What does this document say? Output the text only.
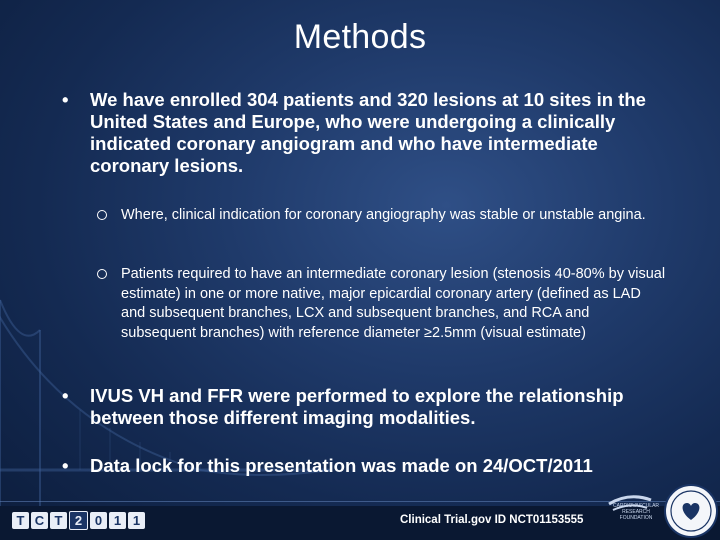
Methods
• We have enrolled 304 patients and 320 lesions at 10 sites in the United States and Europe, who were undergoing a clinically indicated coronary angiogram and who have intermediate coronary lesions.
Where, clinical indication for coronary angiography was stable or unstable angina.
Patients required to have an intermediate coronary lesion (stenosis 40-80% by visual estimate) in one or more native, major epicardial coronary artery (defined as LAD and subsequent branches, LCX and subsequent branches, and RCA and subsequent branches) with reference diameter ≥2.5mm (visual estimate)
• IVUS VH and FFR were performed to explore the relationship between those different imaging modalities.
• Data lock for this presentation was made on 24/OCT/2011
T C T 2 0 1 1	Clinical Trial.gov ID NCT01153555
CARDIOVASCULAR RESEARCH FOUNDATION
